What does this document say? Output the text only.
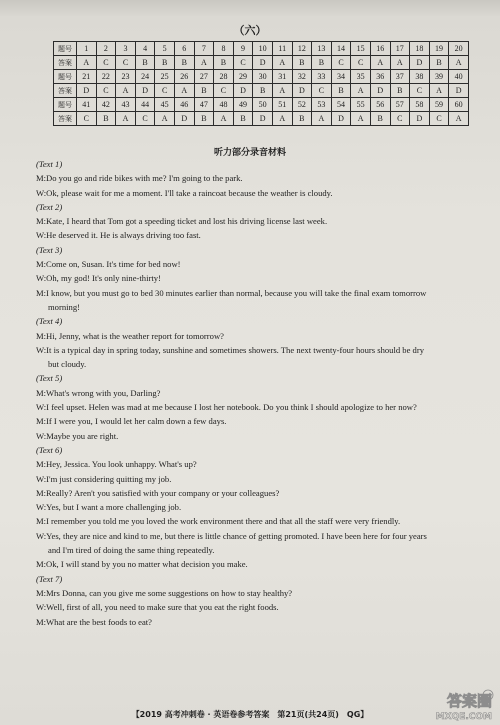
（六）
题号	1	2	3	4	5	6	7	8	9	10	11	12	13	14	15	16	17	18	19	20
答案	A	C	C	B	B	B	A	B	C	D	A	B	B	C	C	A	A	D	B	A
题号	21	22	23	24	25	26	27	28	29	30	31	32	33	34	35	36	37	38	39	40
答案	D	C	A	D	C	A	B	C	D	B	A	D	C	B	A	D	B	C	A	D
题号	41	42	43	44	45	46	47	48	49	50	51	52	53	54	55	56	57	58	59	60
答案	C	B	A	C	A	D	B	A	B	D	A	B	A	D	A	B	C	D	C	A
听力部分录音材料
(Text 1)
M:Do you go and ride bikes with me? I'm going to the park.
W:Ok, please wait for me a moment. I'll take a raincoat because the weather is cloudy.
(Text 2)
M:Kate, I heard that Tom got a speeding ticket and lost his driving license last week.
W:He deserved it. He is always driving too fast.
(Text 3)
M:Come on, Susan. It's time for bed now!
W:Oh, my god! It's only nine-thirty!
M:I know, but you must go to bed 30 minutes earlier than normal, because you will take the final exam tomorrow
morning!
(Text 4)
M:Hi, Jenny, what is the weather report for tomorrow?
W:It is a typical day in spring today, sunshine and sometimes showers. The next twenty-four hours should be dry
but cloudy.
(Text 5)
M:What's wrong with you, Darling?
W:I feel upset. Helen was mad at me because I lost her notebook. Do you think I should apologize to her now?
M:If I were you, I would let her calm down a few days.
W:Maybe you are right.
(Text 6)
M:Hey, Jessica. You look unhappy. What's up?
W:I'm just considering quitting my job.
M:Really? Aren't you satisfied with your company or your colleagues?
W:Yes, but I want a more challenging job.
M:I remember you told me you loved the work environment there and that all the staff were very friendly.
W:Yes, they are nice and kind to me, but there is little chance of getting promoted. I have been here for four years
and I'm tired of doing the same thing repeatedly.
M:Ok, I will stand by you no matter what decision you make.
(Text 7)
M:Mrs Donna, can you give me some suggestions on how to stay healthy?
W:Well, first of all, you need to make sure that you eat the right foods.
M:What are the best foods to eat?
【2019 高考冲刺卷 · 英语卷参考答案　第21页(共24页)　QG】
答案圈
MXQE.COM
